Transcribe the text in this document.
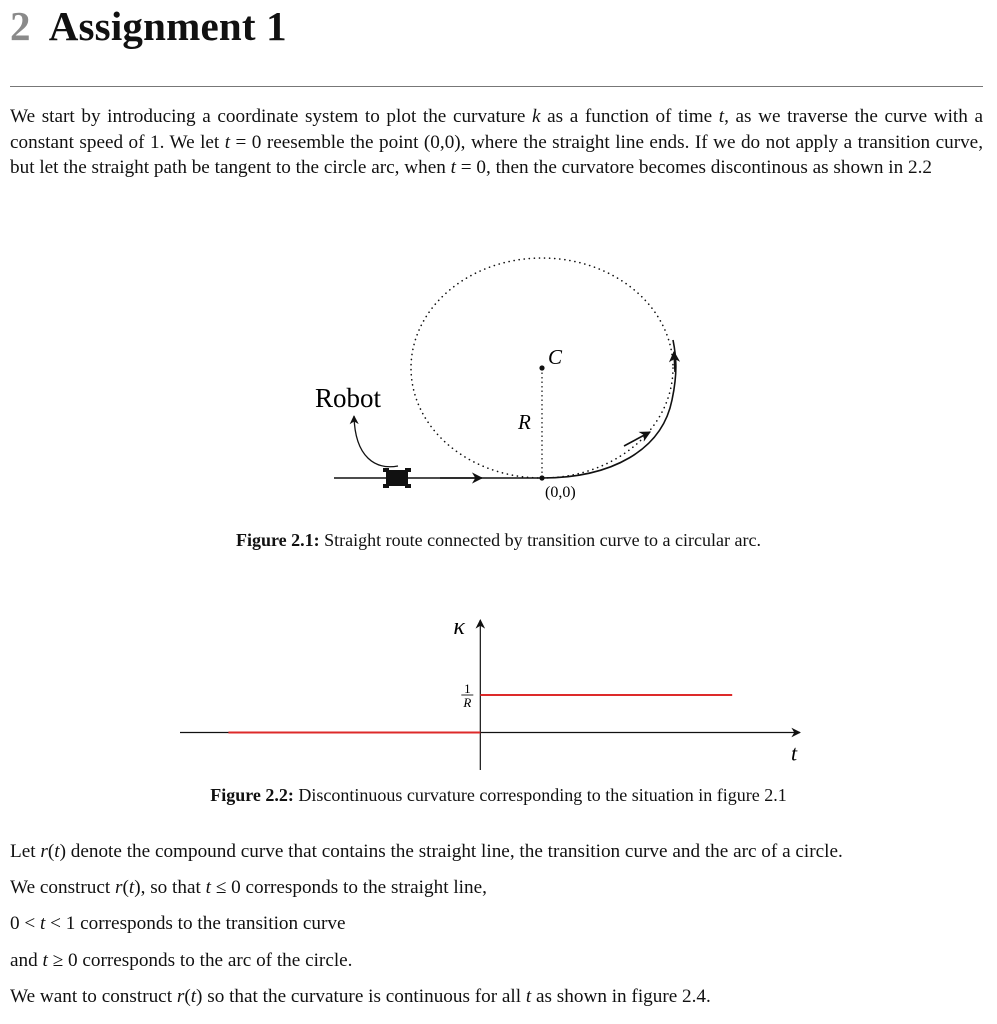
2 Assignment 1

We start by introducing a coordinate system to plot the curvature k as a function of time t, as we traverse the curve with a constant speed of 1. We let t = 0 reesemble the point (0,0), where the straight line ends. If we do not apply a transition curve, but let the straight path be tangent to the circle arc, when t = 0, then the curvatore becomes discontinous as shown in 2.2

Robot
C
R
(0,0)

Figure 2.1: Straight route connected by transition curve to a circular arc.

κ
t
1
R

Figure 2.2: Discontinuous curvature corresponding to the situation in figure 2.1

Let r(t) denote the compound curve that contains the straight line, the transition curve and the arc of a circle.

We construct r(t), so that t ≤ 0 corresponds to the straight line,

0 < t < 1 corresponds to the transition curve

and t ≥ 0 corresponds to the arc of the circle.

We want to construct r(t) so that the curvature is continuous for all t as shown in figure 2.4.
